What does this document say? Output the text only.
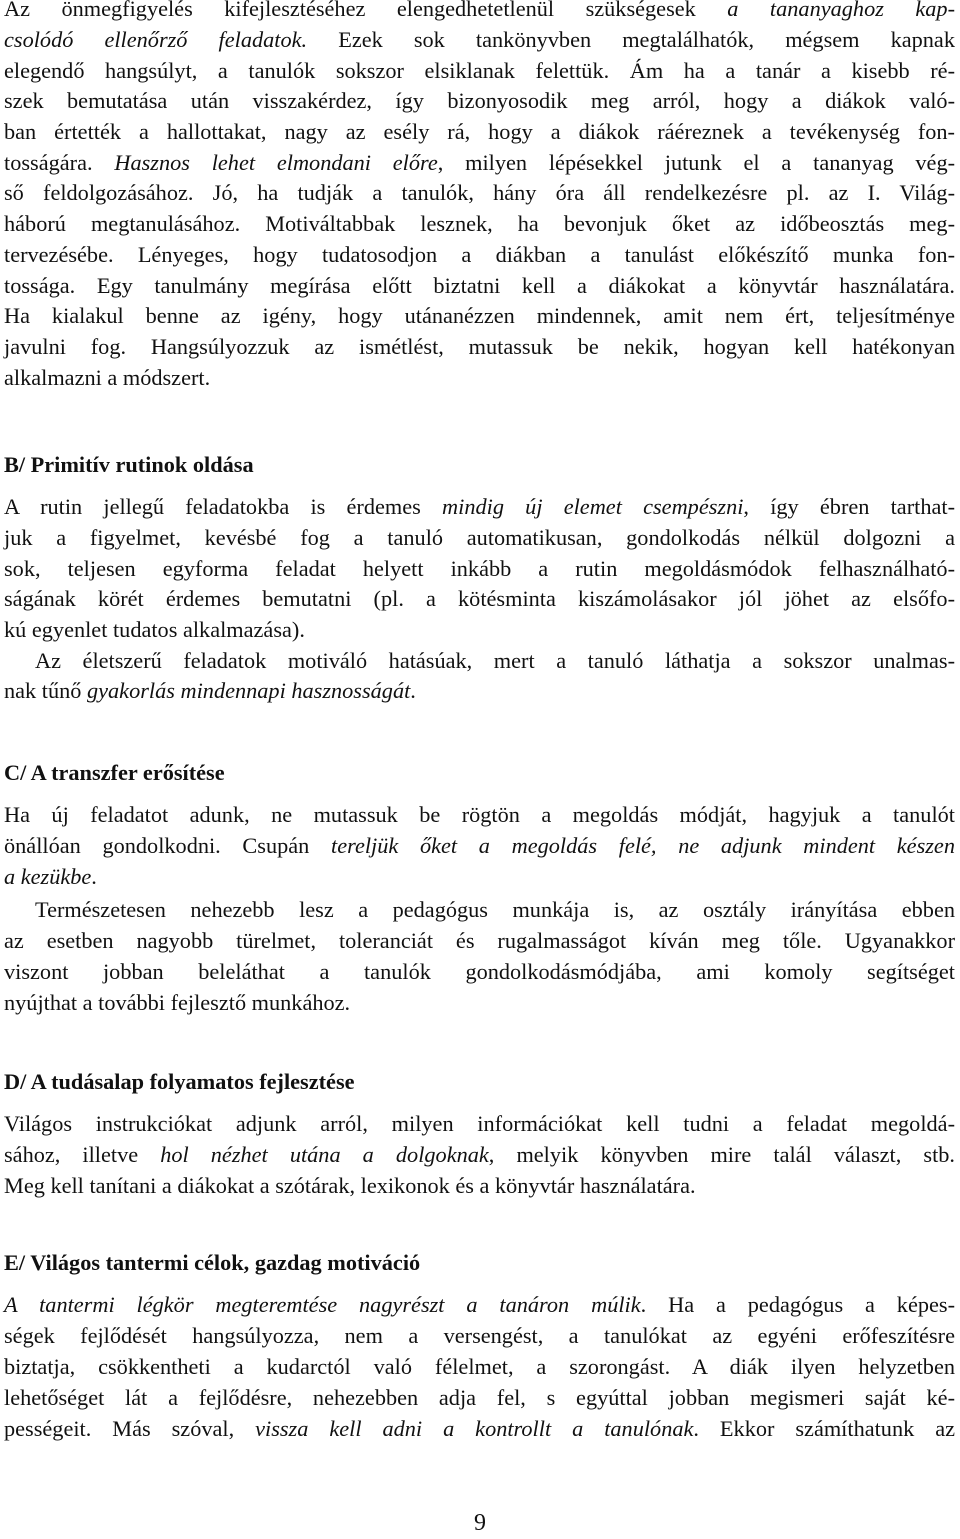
Az önmegfigyelés kifejlesztéséhez elengedhetetlenül szükségesek a tananyaghoz kap-
csolódó ellenőrző feladatok. Ezek sok tankönyvben megtalálhatók, mégsem kapnak
elegendő hangsúlyt, a tanulók sokszor elsiklanak felettük. Ám ha a tanár a kisebb ré-
szek bemutatása után visszakérdez, így bizonyosodik meg arról, hogy a diákok való-
ban értették a hallottakat, nagy az esély rá, hogy a diákok ráéreznek a tevékenység fon-
tosságára. Hasznos lehet elmondani előre, milyen lépésekkel jutunk el a tananyag vég-
ső feldolgozásához. Jó, ha tudják a tanulók, hány óra áll rendelkezésre pl. az I. Világ-
háború megtanulásához. Motiváltabbak lesznek, ha bevonjuk őket az időbeosztás meg-
tervezésébe. Lényeges, hogy tudatosodjon a diákban a tanulást előkészítő munka fon-
tossága. Egy tanulmány megírása előtt biztatni kell a diákokat a könyvtár használatára.
Ha kialakul benne az igény, hogy utánanézzen mindennek, amit nem ért, teljesítménye
javulni fog. Hangsúlyozzuk az ismétlést, mutassuk be nekik, hogyan kell hatékonyan
alkalmazni a módszert.
B/ Primitív rutinok oldása
A rutin jellegű feladatokba is érdemes mindig új elemet csempészni, így ébren tarthat-
juk a figyelmet, kevésbé fog a tanuló automatikusan, gondolkodás nélkül dolgozni a
sok, teljesen egyforma feladat helyett inkább a rutin megoldásmódok felhasználható-
ságának körét érdemes bemutatni (pl. a kötésminta kiszámolásakor jól jöhet az elsőfo-
kú egyenlet tudatos alkalmazása).
Az életszerű feladatok motiváló hatásúak, mert a tanuló láthatja a sokszor unalmas-
nak tűnő gyakorlás mindennapi hasznosságát.
C/ A transzfer erősítése
Ha új feladatot adunk, ne mutassuk be rögtön a megoldás módját, hagyjuk a tanulót
önállóan gondolkodni. Csupán tereljük őket a megoldás felé, ne adjunk mindent készen
a kezükbe.
Természetesen nehezebb lesz a pedagógus munkája is, az osztály irányítása ebben
az esetben nagyobb türelmet, toleranciát és rugalmasságot kíván meg tőle. Ugyanakkor
viszont jobban beleláthat a tanulók gondolkodásmódjába, ami komoly segítséget
nyújthat a további fejlesztő munkához.
D/ A tudásalap folyamatos fejlesztése
Világos instrukciókat adjunk arról, milyen információkat kell tudni a feladat megoldá-
sához, illetve hol nézhet utána a dolgoknak, melyik könyvben mire talál választ, stb.
Meg kell tanítani a diákokat a szótárak, lexikonok és a könyvtár használatára.
E/ Világos tantermi célok, gazdag motiváció
A tantermi légkör megteremtése nagyrészt a tanáron múlik. Ha a pedagógus a képes-
ségek fejlődését hangsúlyozza, nem a versengést, a tanulókat az egyéni erőfeszítésre
biztatja, csökkentheti a kudarctól való félelmet, a szorongást. A diák ilyen helyzetben
lehetőséget lát a fejlődésre, nehezebben adja fel, s egyúttal jobban megismeri saját ké-
pességeit. Más szóval, vissza kell adni a kontrollt a tanulónak. Ekkor számíthatunk az
9
